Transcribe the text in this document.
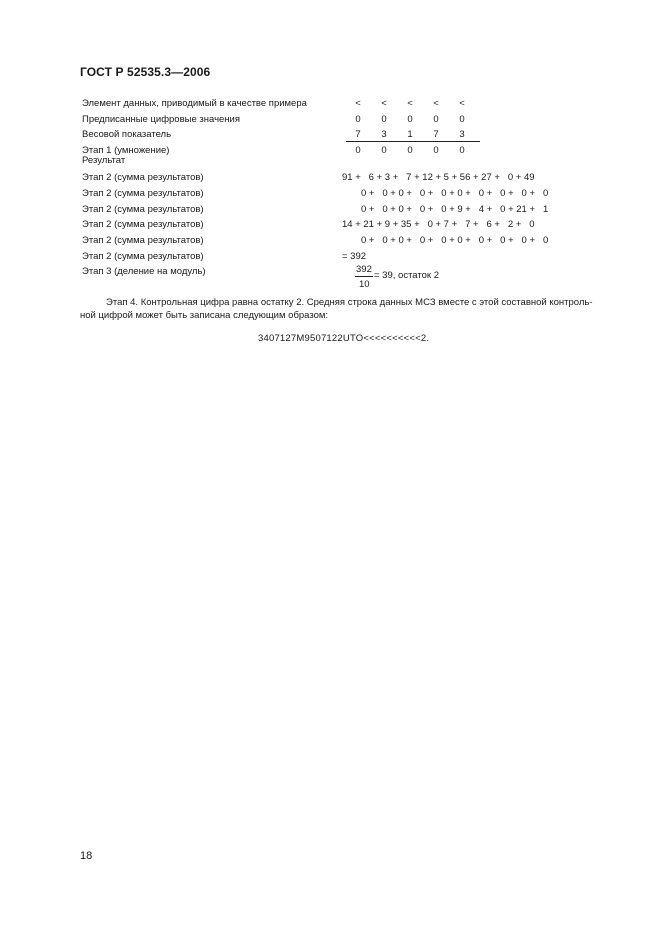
ГОСТ Р 52535.3—2006
Элемент данных, приводимый в качестве примера	<	<	<	<	<
Предписанные цифровые значения	0	0	0	0	0
Весовой показатель	7	3	1	7	3
Этап 1 (умножение)	0	0	0	0	0
Результат
Этап 2 (сумма результатов)	91 +   6 + 3 +   7 + 12 + 5 + 56 + 27 +   0 + 49
Этап 2 (сумма результатов)	0 +   0 + 0 +   0 +   0 + 0 +   0 +   0 +   0 +   0
Этап 2 (сумма результатов)	0 +   0 + 0 +   0 +   0 + 9 +   4 +   0 + 21 +   1
Этап 2 (сумма результатов)	14 + 21 + 9 + 35 +   0 + 7 +   7 +   6 +   2 +   0
Этап 2 (сумма результатов)	0 +   0 + 0 +   0 +   0 + 0 +   0 +   0 +   0 +   0
Этап 2 (сумма результатов)	= 392
Этап 3 (деление на модуль)	392
10
= 39, остаток 2
Этап 4. Контрольная цифра равна остатку 2. Средняя строка данных МСЗ вместе с этой составной контроль-
ной цифрой может быть записана следующим образом:
3407127M9507122UTO<<<<<<<<<<2.
18
